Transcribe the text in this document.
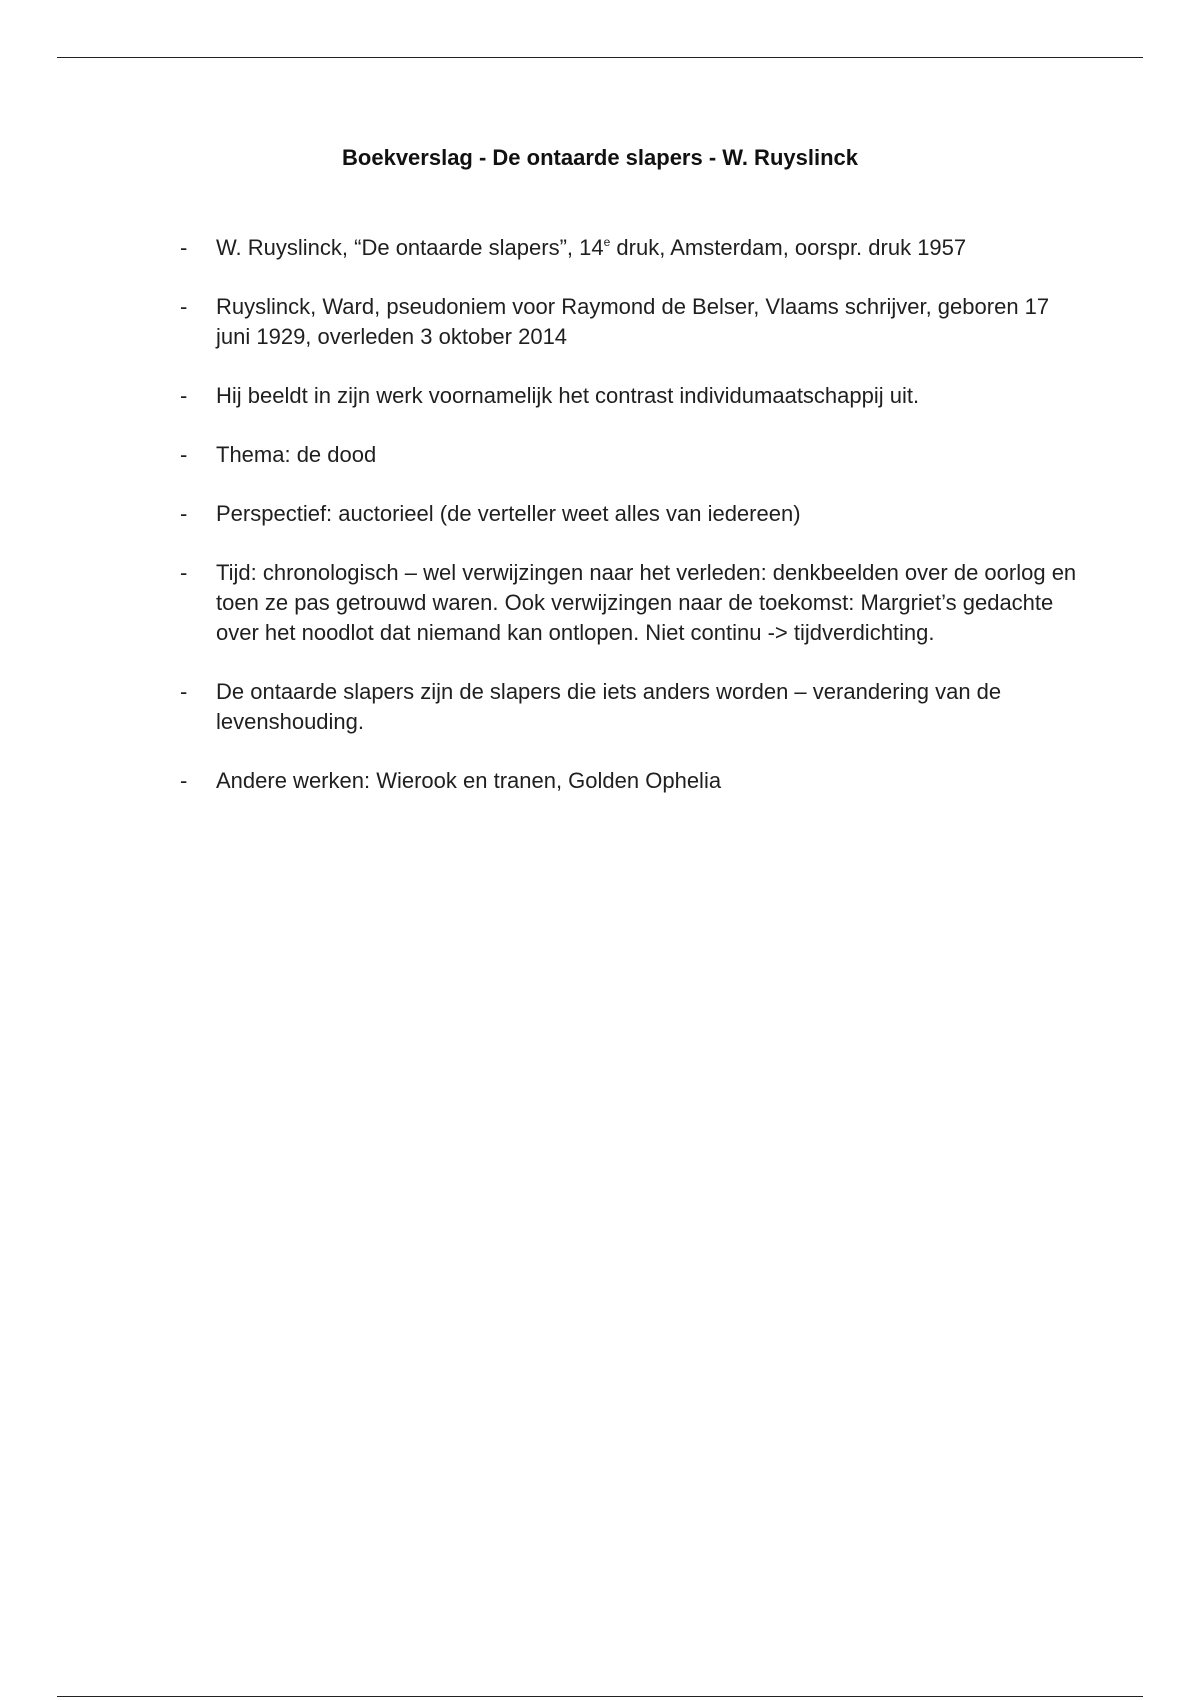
Boekverslag - De ontaarde slapers - W. Ruyslinck
-	W. Ruyslinck, “De ontaarde slapers”, 14e druk, Amsterdam, oorspr. druk 1957
-	Ruyslinck, Ward, pseudoniem voor Raymond de Belser, Vlaams schrijver, geboren 17 juni 1929, overleden 3 oktober 2014
-	Hij beeldt in zijn werk voornamelijk het contrast individumaatschappij uit.
-	Thema: de dood
-	Perspectief: auctorieel (de verteller weet alles van iedereen)
-	Tijd: chronologisch – wel verwijzingen naar het verleden: denkbeelden over de oorlog en toen ze pas getrouwd waren. Ook verwijzingen naar de toekomst: Margriet’s gedachte over het noodlot dat niemand kan ontlopen. Niet continu -> tijdverdichting.
-	De ontaarde slapers zijn de slapers die iets anders worden – verandering van de levenshouding.
-	Andere werken: Wierook en tranen, Golden Ophelia
